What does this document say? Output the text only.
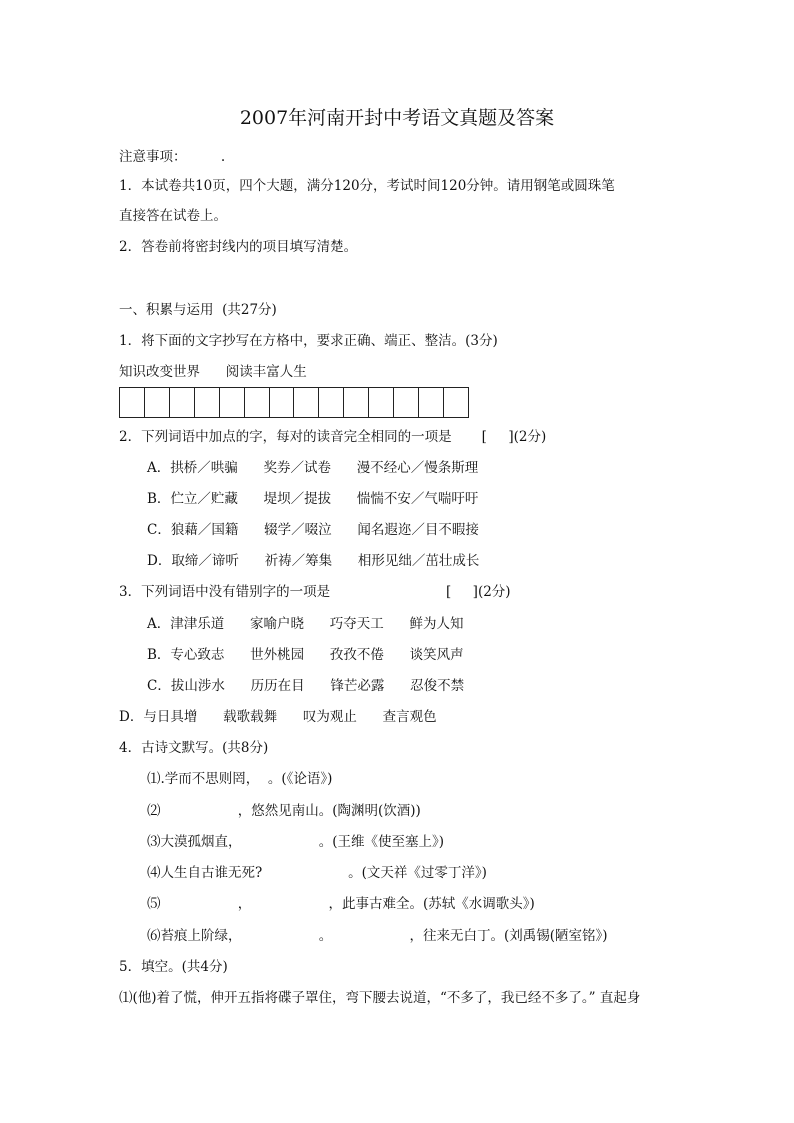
2007年河南开封中考语文真题及答案
注意事项：        .
1．本试卷共10页，四个大题，满分120分，考试时间120分钟。请用钢笔或圆珠笔
直接答在试卷上。
2．答卷前将密封线内的项目填写清楚。
一、积累与运用  (共27分)
1．将下面的文字抄写在方格中，要求正确、端正、整洁。(3分)
知识改变世界      阅读丰富人生
2．下列词语中加点的字，每对的读音完全相同的一项是       [     ](2分)
A．拱桥／哄骗      奖券／试卷      漫不经心／慢条斯理
B．伫立／贮藏      堤坝／提拔      惴惴不安／气喘吁吁
C．狼藉／国籍      辍学／啜泣      闻名遐迩／目不暇接
D．取缔／谛听      祈祷／筹集      相形见绌／茁壮成长
3．下列词语中没有错别字的一项是                           [     ](2分)
A．津津乐道      家喻户晓      巧夺天工      鲜为人知
B．专心致志      世外桃园      孜孜不倦      谈笑风声
C．拔山涉水      历历在目      锋芒必露      忍俊不禁
D．与日具增      载歌载舞      叹为观止      查言观色
4．古诗文默写。(共8分)
⑴.学而不思则罔，  。(《论语》)
⑵                  ，悠然见南山。(陶渊明(饮酒))
⑶大漠孤烟直，                  。(王维《使至塞上》)
⑷人生自古谁无死?                    。(文天祥《过零丁洋》)
⑸                  ，                  ，此事古难全。(苏轼《水调歌头》)
⑹苔痕上阶绿，                  。                  ，往来无白丁。(刘禹锡(陋室铭》)
5．填空。(共4分)
⑴(他)着了慌，伸开五指将碟子罩住，弯下腰去说道，“不多了，我已经不多了。” 直起身
